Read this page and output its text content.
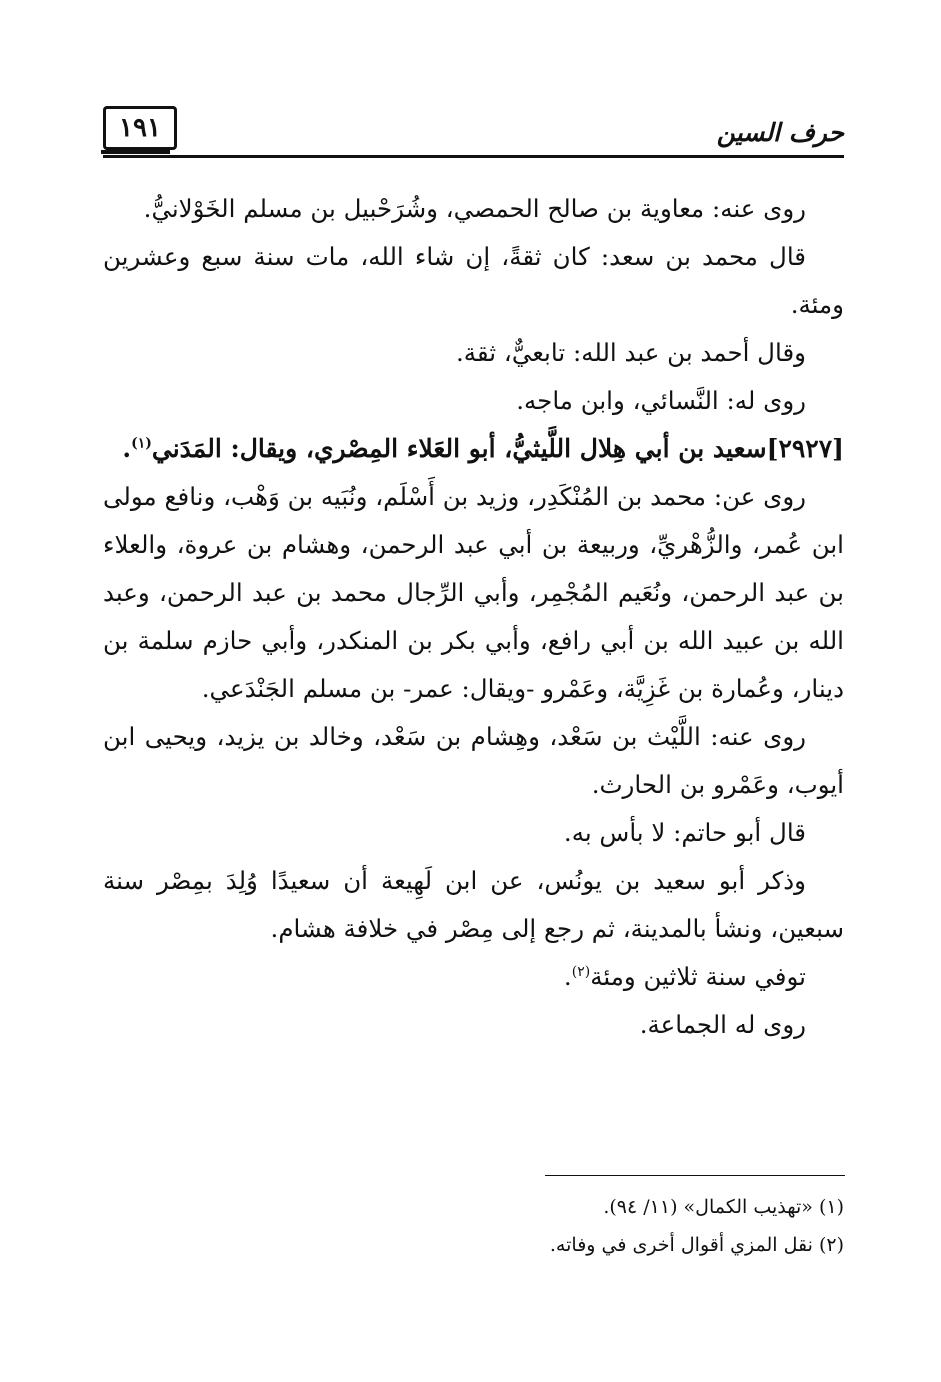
١٩١	حرف السين

روى عنه: معاوية بن صالح الحمصي، وشُرَحْبيل بن مسلم الخَوْلانيُّ.

قال محمد بن سعد: كان ثقةً، إن شاء الله، مات سنة سبع وعشرين ومئة.

وقال أحمد بن عبد الله: تابعيٌّ، ثقة.

روى له: النَّسائي، وابن ماجه.

[٢٩٢٧]سعيد بن أبي هِلال اللَّيثيُّ، أبو العَلاء المِصْري، ويقال: المَدَني$^{(١)}$.

روى عن: محمد بن المُنْكَدِر، وزيد بن أَسْلَم، ونُبَيه بن وَهْب، ونافع مولى ابن عُمر، والزُّهْريِّ، وربيعة بن أبي عبد الرحمن، وهشام بن عروة، والعلاء بن عبد الرحمن، ونُعَيم المُجْمِر، وأبي الرِّجال محمد بن عبد الرحمن، وعبد الله بن عبيد الله بن أبي رافع، وأبي بكر بن المنكدر، وأبي حازم سلمة بن دينار، وعُمارة بن غَزِيَّة، وعَمْرو -ويقال: عمر- بن مسلم الجَنْدَعي.

روى عنه: اللَّيْث بن سَعْد، وهِشام بن سَعْد، وخالد بن يزيد، ويحيى ابن أيوب، وعَمْرو بن الحارث.

قال أبو حاتم: لا بأس به.

وذكر أبو سعيد بن يونُس، عن ابن لَهِيعة أن سعيدًا وُلِدَ بمِصْر سنة سبعين، ونشأ بالمدينة، ثم رجع إلى مِصْر في خلافة هشام.

توفي سنة ثلاثين ومئة$^{(٢)}$.

روى له الجماعة.

(١) «تهذيب الكمال» (١١/ ٩٤).

(٢) نقل المزي أقوال أخرى في وفاته.
